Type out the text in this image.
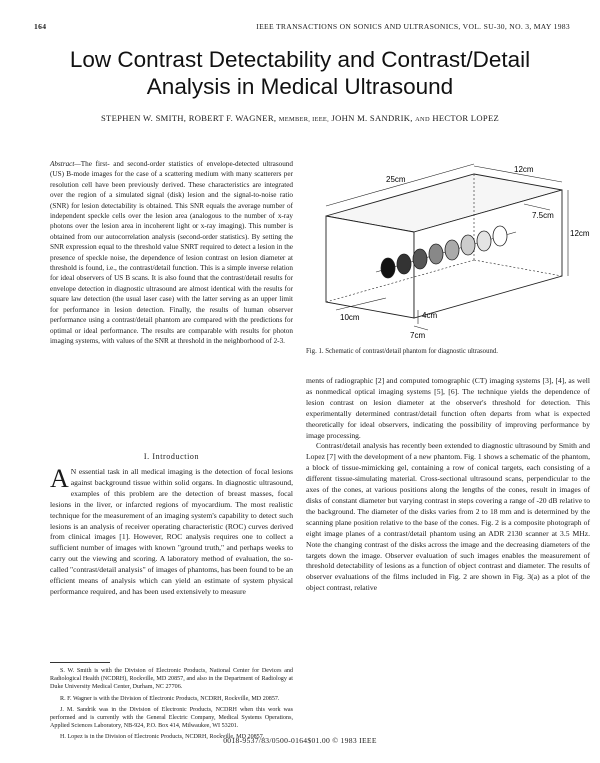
164	IEEE TRANSACTIONS ON SONICS AND ULTRASONICS, VOL. SU-30, NO. 3, MAY 1983
Low Contrast Detectability and Contrast/Detail
Analysis in Medical Ultrasound
STEPHEN W. SMITH, ROBERT F. WAGNER, MEMBER, IEEE, JOHN M. SANDRIK, AND HECTOR LOPEZ
Abstract—The first- and second-order statistics of envelope-detected ultrasound (US) B-mode images for the case of a scattering medium with many scatterers per resolution cell have been previously derived. These characteristics are integrated over the region of a simulated signal (disk) lesion and the signal-to-noise ratio (SNR) for lesion detectability is obtained. This SNR equals the average number of independent speckle cells over the lesion area (analogous to the number of x-ray photons over the lesion area in incoherent light or x-ray imaging). This number is obtained from our autocorrelation analysis (second-order statistics). By setting the SNR expression equal to the threshold value SNRT required to detect a lesion in the presence of speckle noise, the dependence of lesion contrast on lesion diameter at threshold is found, i.e., the contrast/detail function. This is a simple inverse relation for ideal observers of US B scans. It is also found that the contrast/detail results for envelope detection in diagnostic ultrasound are almost identical with the results for square law detection (the usual laser case) with the latter serving as an upper limit for performance in lesion detection. Finally, the results of human observer performance using a contrast/detail phantom are compared with the predictions for optimal or ideal performance. The results are comparable with results for photon imaging systems, with values of the SNR at threshold in the neighborhood of 2-3.
12cm
25cm
7.5cm
12cm
10cm	4cm
7cm
Fig. 1. Schematic of contrast/detail phantom for diagnostic ultrasound.
I. Introduction
A N essential task in all medical imaging is the detection of focal lesions against background tissue within solid organs. In diagnostic ultrasound, examples of this problem are the detection of breast masses, focal lesions in the liver, or infarcted regions of myocardium. The most realistic technique for the measurement of an imaging system's capability to detect such lesions is an analysis of receiver operating characteristic (ROC) curves derived from clinical images [1]. However, ROC analysis requires one to collect a sufficient number of images with known "ground truth," and perhaps weeks to carry out the viewing and scoring. A laboratory method of evaluation, the so-called "contrast/detail analysis" of images of phantoms, has been found to be an efficient means of analysis which can yield an estimate of system physical performance required, and has been used extensively to measure

S. W. Smith is with the Division of Electronic Products, National Center for Devices and Radiological Health (NCDRH), Rockville, MD 20857, and also in the Department of Radiology at Duke University Medical Center, Durham, NC 27706.

R. F. Wagner is with the Division of Electronic Products, NCDRH, Rockville, MD 20857.

J. M. Sandrik was in the Division of Electronic Products, NCDRH when this work was performed and is currently with the General Electric Company, Medical Systems Operations, Applied Sciences Laboratory, NB-924, P.O. Box 414, Milwaukee, WI 53201.

H. Lopez is in the Division of Electronic Products, NCDRH, Rockville, MD 20857.

ments of radiographic [2] and computed tomographic (CT) imaging systems [3], [4], as well as nonmedical optical imaging systems [5], [6]. The technique yields the dependence of lesion contrast on lesion diameter at the observer's threshold for detection. This experimentally determined contrast/detail function often departs from what is expected theoretically for ideal observers, indicating the possibility of improving performance by image processing.

Contrast/detail analysis has recently been extended to diagnostic ultrasound by Smith and Lopez [7] with the development of a new phantom. Fig. 1 shows a schematic of the phantom, a block of tissue-mimicking gel, containing a row of conical targets, each consisting of a different tissue-simulating material. Cross-sectional ultrasound scans, perpendicular to the axes of the cones, at various positions along the lengths of the cones, result in images of disks of constant diameter but varying contrast in steps covering a range of -20 dB relative to the background. The diameter of the disks varies from 2 to 18 mm and is determined by the scanning plane position relative to the base of the cones. Fig. 2 is a composite photograph of eight image planes of a contrast/detail phantom using an ADR 2130 scanner at 3.5 MHz. Note the changing contrast of the disks across the image and the decreasing diameters of the targets down the image. Observer evaluation of such images enables the measurement of threshold detectability of lesions as a function of object contrast and diameter. The results of observer evaluations of the films included in Fig. 2 are shown in Fig. 3(a) as a plot of the object contrast, relative

0018-9537/83/0500-0164$01.00 © 1983 IEEE
